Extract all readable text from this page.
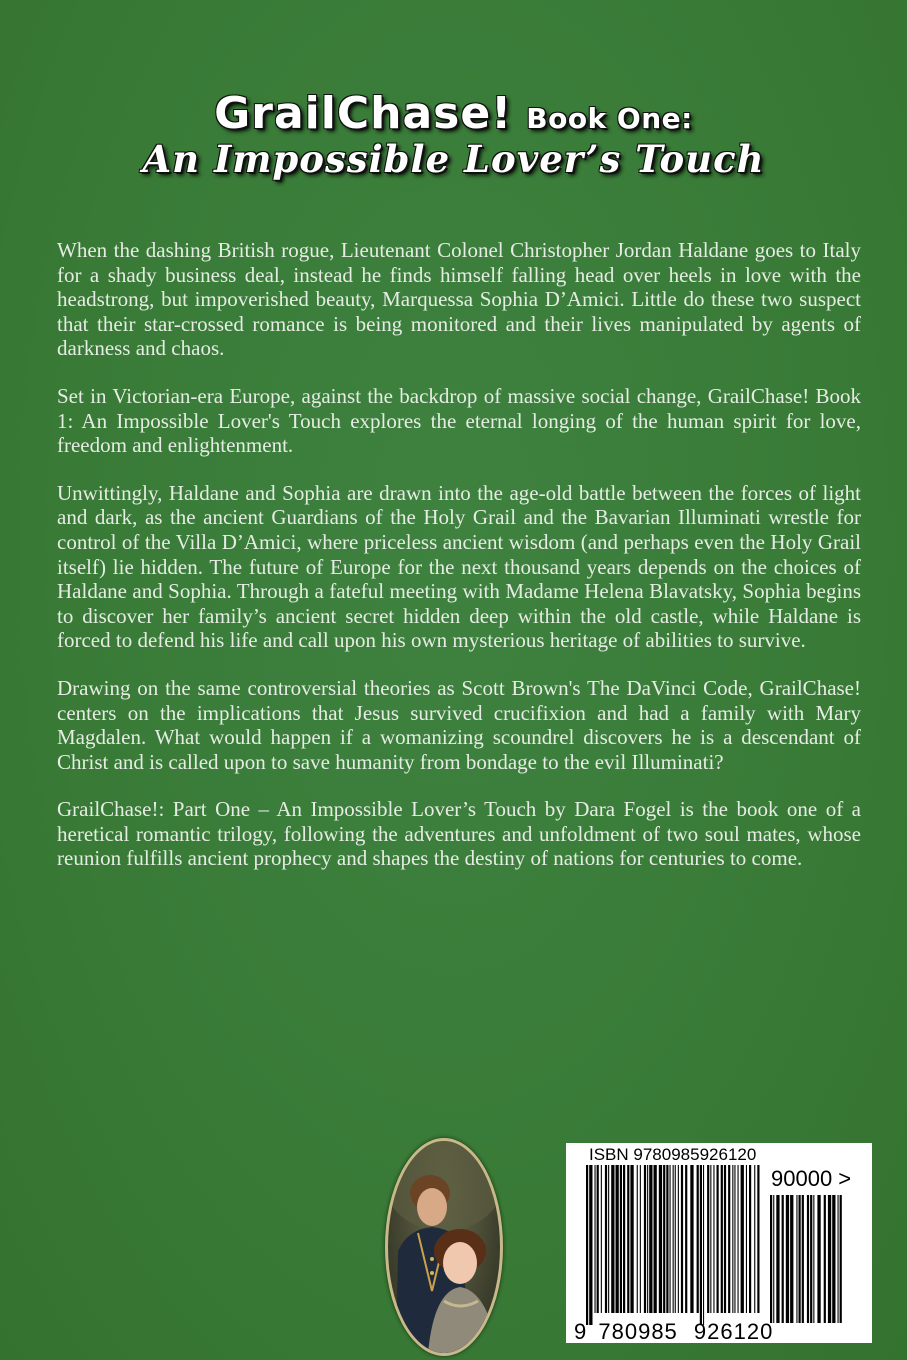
GrailChase! Book One:
An Impossible Lover’s Touch

When the dashing British rogue, Lieutenant Colonel Christopher Jordan Haldane goes to Italy for a shady business deal, instead he finds himself falling head over heels in love with the headstrong, but impoverished beauty, Marquessa Sophia D’Amici. Little do these two suspect that their star-crossed romance is being monitored and their lives manipulated by agents of darkness and chaos.

Set in Victorian-era Europe, against the backdrop of massive social change, GrailChase! Book 1: An Impossible Lover's Touch explores the eternal longing of the human spirit for love, freedom and enlightenment.

Unwittingly, Haldane and Sophia are drawn into the age-old battle between the forces of light and dark, as the ancient Guardians of the Holy Grail and the Bavarian Illuminati wrestle for control of the Villa D’Amici, where priceless ancient wisdom (and perhaps even the Holy Grail itself) lie hidden. The future of Europe for the next thousand years depends on the choices of Haldane and Sophia. Through a fateful meeting with Madame Helena Blavatsky, Sophia begins to discover her family’s ancient secret hidden deep within the old castle, while Haldane is forced to defend his life and call upon his own mysterious heritage of abilities to survive.

Drawing on the same controversial theories as Scott Brown's The DaVinci Code, GrailChase! centers on the implications that Jesus survived crucifixion and had a family with Mary Magdalen. What would happen if a womanizing scoundrel discovers he is a descendant of Christ and is called upon to save humanity from bondage to the evil Illuminati?

GrailChase!: Part One – An Impossible Lover’s Touch by Dara Fogel is the book one of a heretical romantic trilogy, following the adventures and unfoldment of two soul mates, whose reunion fulfills ancient prophecy and shapes the destiny of nations for centuries to come.

ISBN 9780985926120
90000 >
9 780985 926120
